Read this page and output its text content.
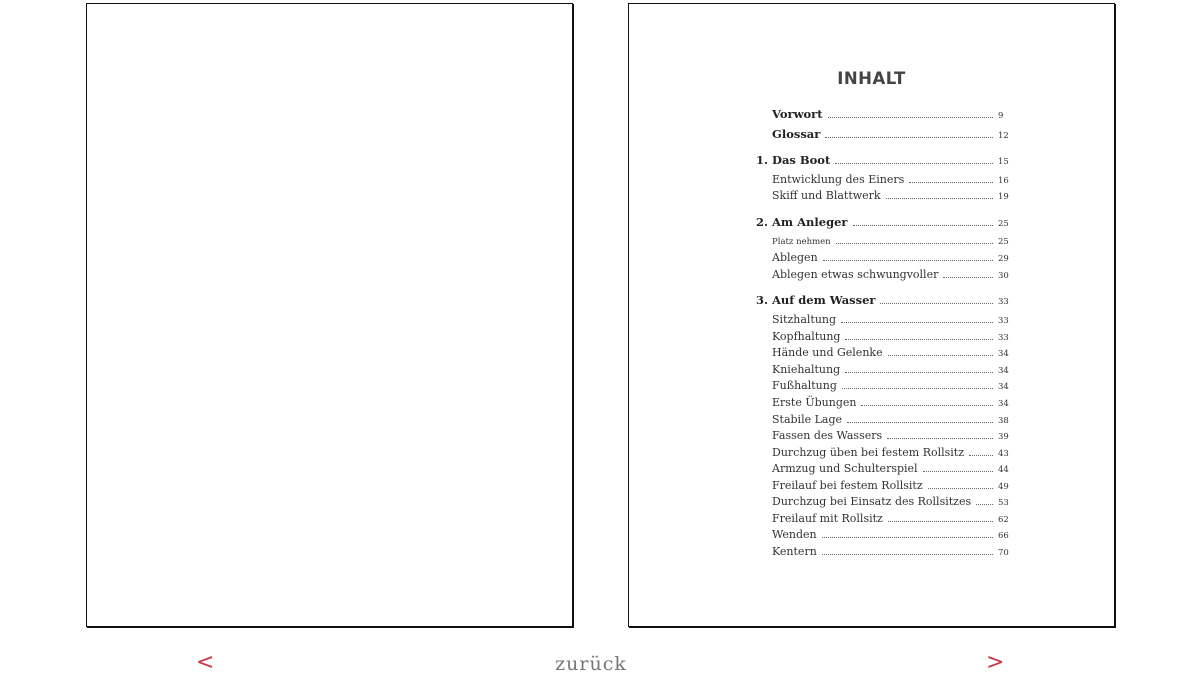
INHALT
Vorwort	9
Glossar	12
1. Das Boot	15
Entwicklung des Einers	16
Skiff und Blattwerk	19
2. Am Anleger	25
Platz nehmen	25
Ablegen	29
Ablegen etwas schwungvoller	30
3. Auf dem Wasser	33
Sitzhaltung	33
Kopfhaltung	33
Hände und Gelenke	34
Kniehaltung	34
Fußhaltung	34
Erste Übungen	34
Stabile Lage	38
Fassen des Wassers	39
Durchzug üben bei festem Rollsitz	43
Armzug und Schulterspiel	44
Freilauf bei festem Rollsitz	49
Durchzug bei Einsatz des Rollsitzes	53
Freilauf mit Rollsitz	62
Wenden	66
Kentern	70
<	zurück	>
